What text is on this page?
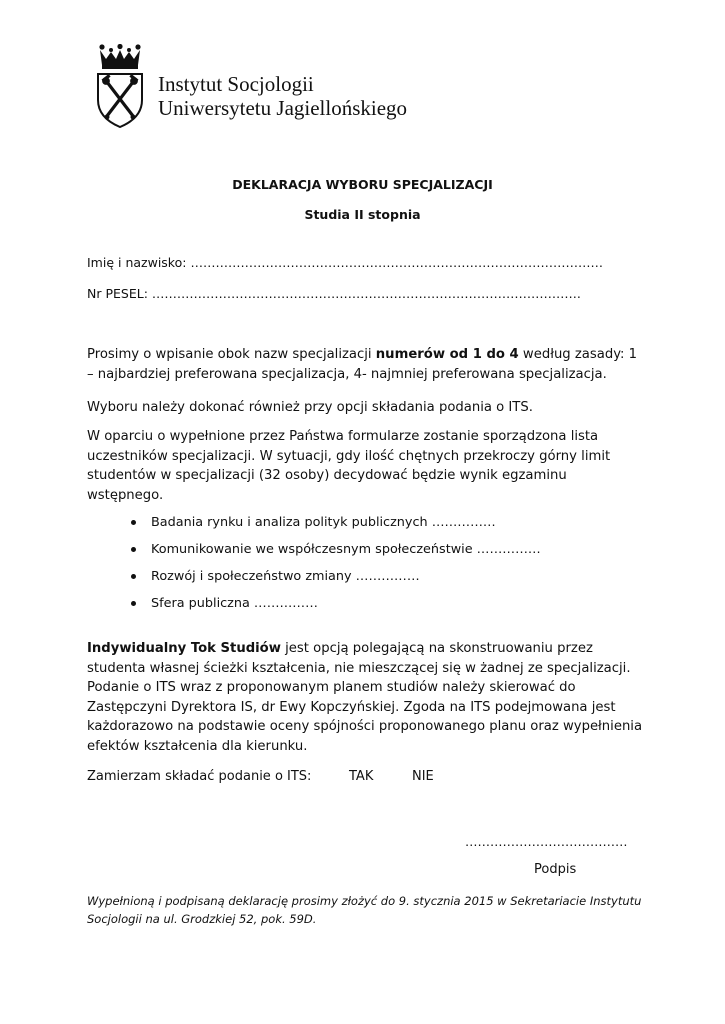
Instytut Socjologii
Uniwersytetu Jagiellońskiego
DEKLARACJA WYBORU SPECJALIZACJI
Studia II stopnia
Imię i nazwisko: ………………………………………………………………………………………
Nr PESEL: ………………………………………………………………………………………….
Prosimy o wpisanie obok nazw specjalizacji numerów od 1 do 4 według zasady: 1 – najbardziej preferowana specjalizacja, 4- najmniej preferowana specjalizacja.
Wyboru należy dokonać również przy opcji składania podania o ITS.
W oparciu o wypełnione przez Państwa formularze zostanie sporządzona lista uczestników specjalizacji. W sytuacji, gdy ilość chętnych przekroczy górny limit studentów w specjalizacji (32 osoby) decydować będzie wynik egzaminu wstępnego.
Badania rynku i analiza polityk publicznych ……………
Komunikowanie we współczesnym społeczeństwie ……………
Rozwój i społeczeństwo zmiany ……………
Sfera publiczna ……………
Indywidualny Tok Studiów jest opcją polegającą na skonstruowaniu przez studenta własnej ścieżki kształcenia, nie mieszczącej się w żadnej ze specjalizacji. Podanie o ITS wraz z proponowanym planem studiów należy skierować do Zastępczyni Dyrektora IS, dr Ewy Kopczyńskiej. Zgoda na ITS podejmowana jest każdorazowo na podstawie oceny spójności proponowanego planu oraz wypełnienia efektów kształcenia dla kierunku.
Zamierzam składać podanie o ITS:	TAK	NIE
…………………………………
Podpis
Wypełnioną i podpisaną deklarację prosimy złożyć do 9. stycznia 2015 w Sekretariacie Instytutu Socjologii na ul. Grodzkiej 52, pok. 59D.
